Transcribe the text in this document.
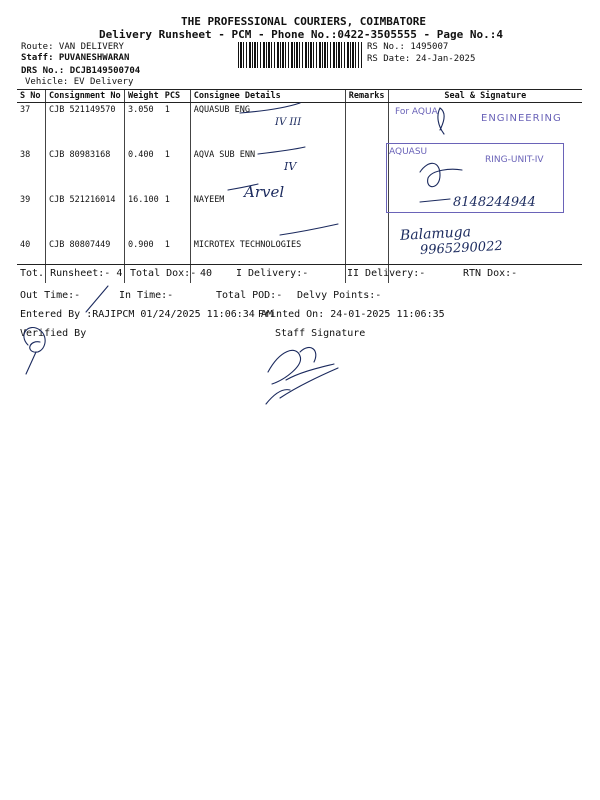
THE PROFESSIONAL COURIERS, COIMBATORE
Delivery Runsheet - PCM - Phone No.:0422-3505555 - Page No.:4
Route: VAN DELIVERY
Staff: PUVANESHWARAN
DRS No.: DCJB149500704
Vehicle: EV Delivery
RS No.: 1495007
RS Date: 24-Jan-2025
S No	Consignment No	Weight	PCS	Consignee Details	Remarks	Seal & Signature
37	CJB 521149570	3.050	1	AQUASUB ENG		
38	CJB 80983168	0.400	1	AQVA SUB ENN		
39	CJB 521216014	16.100	1	NAYEEM		
40	CJB 80807449	0.900	1	MICROTEX TECHNOLOGIES		
Tot. Runsheet:- 4 Total Dox:- 40 I Delivery:-	II Delivery:-	RTN Dox:-
Out Time:-	In Time:-	Total POD:- Delvy Points:-
Entered By :RAJIPCM 01/24/2025 11:06:34 AM
Printed On: 24-01-2025 11:06:35
Verified By	Staff Signature
For AQUA
ENGINEERING
AQUASU
RING-UNIT-IV
IV III
IV
Arvel
8148244944
Balamuga
9965290022
